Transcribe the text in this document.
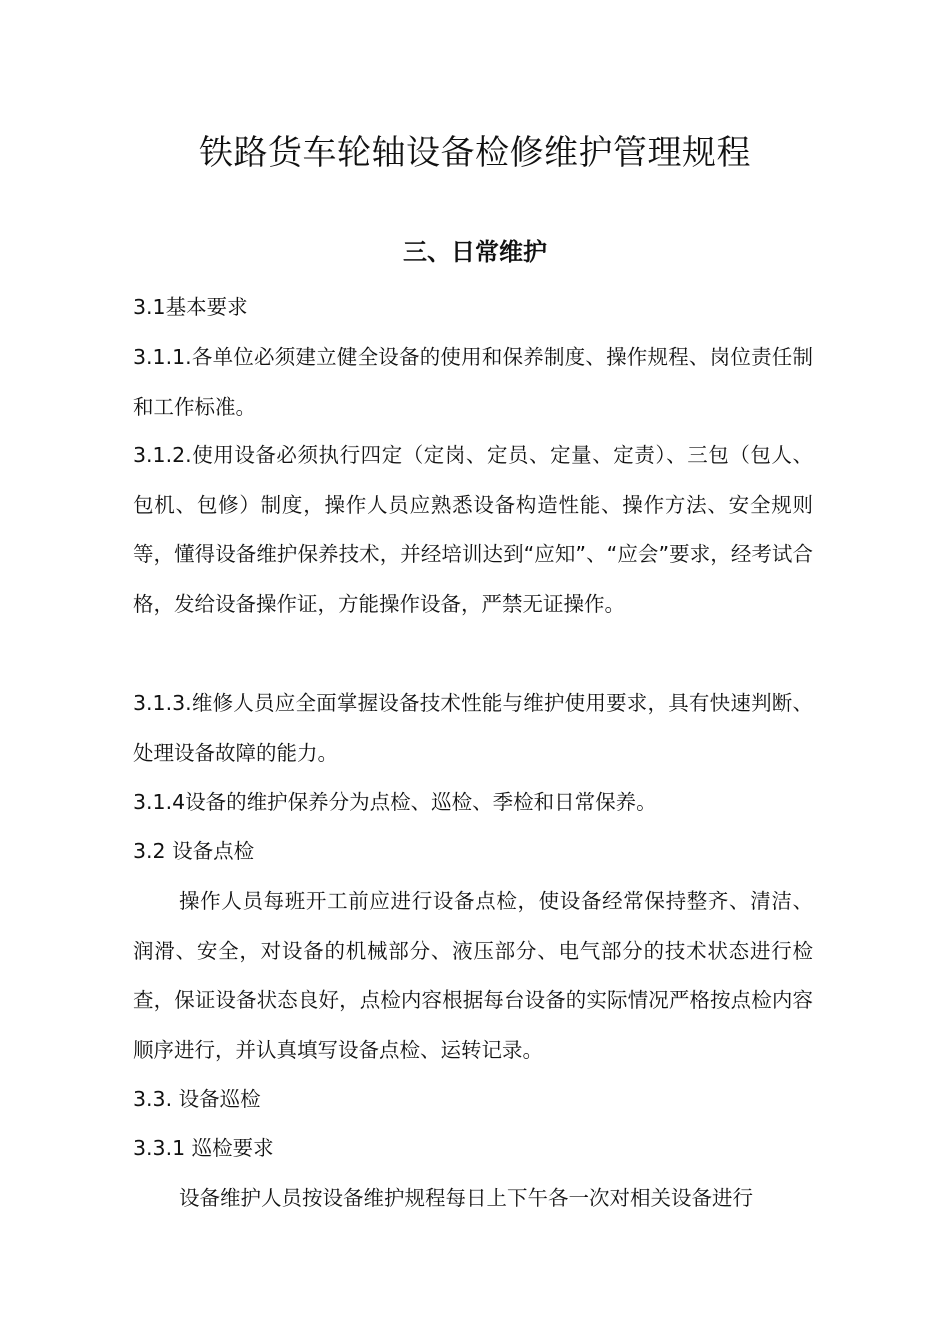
铁路货车轮轴设备检修维护管理规程
三、日常维护

3.1基本要求

3.1.1.各单位必须建立健全设备的使用和保养制度、操作规程、岗位责任制和工作标准。

3.1.2.使用设备必须执行四定（定岗、定员、定量、定责）、三包（包人、包机、包修）制度，操作人员应熟悉设备构造性能、操作方法、安全规则等，懂得设备维护保养技术，并经培训达到“应知”、“应会”要求，经考试合格，发给设备操作证，方能操作设备，严禁无证操作。

3.1.3.维修人员应全面掌握设备技术性能与维护使用要求，具有快速判断、处理设备故障的能力。

3.1.4设备的维护保养分为点检、巡检、季检和日常保养。

3.2 设备点检

操作人员每班开工前应进行设备点检，使设备经常保持整齐、清洁、润滑、安全，对设备的机械部分、液压部分、电气部分的技术状态进行检查，保证设备状态良好，点检内容根据每台设备的实际情况严格按点检内容顺序进行，并认真填写设备点检、运转记录。

3.3. 设备巡检

3.3.1 巡检要求

设备维护人员按设备维护规程每日上下午各一次对相关设备进行
